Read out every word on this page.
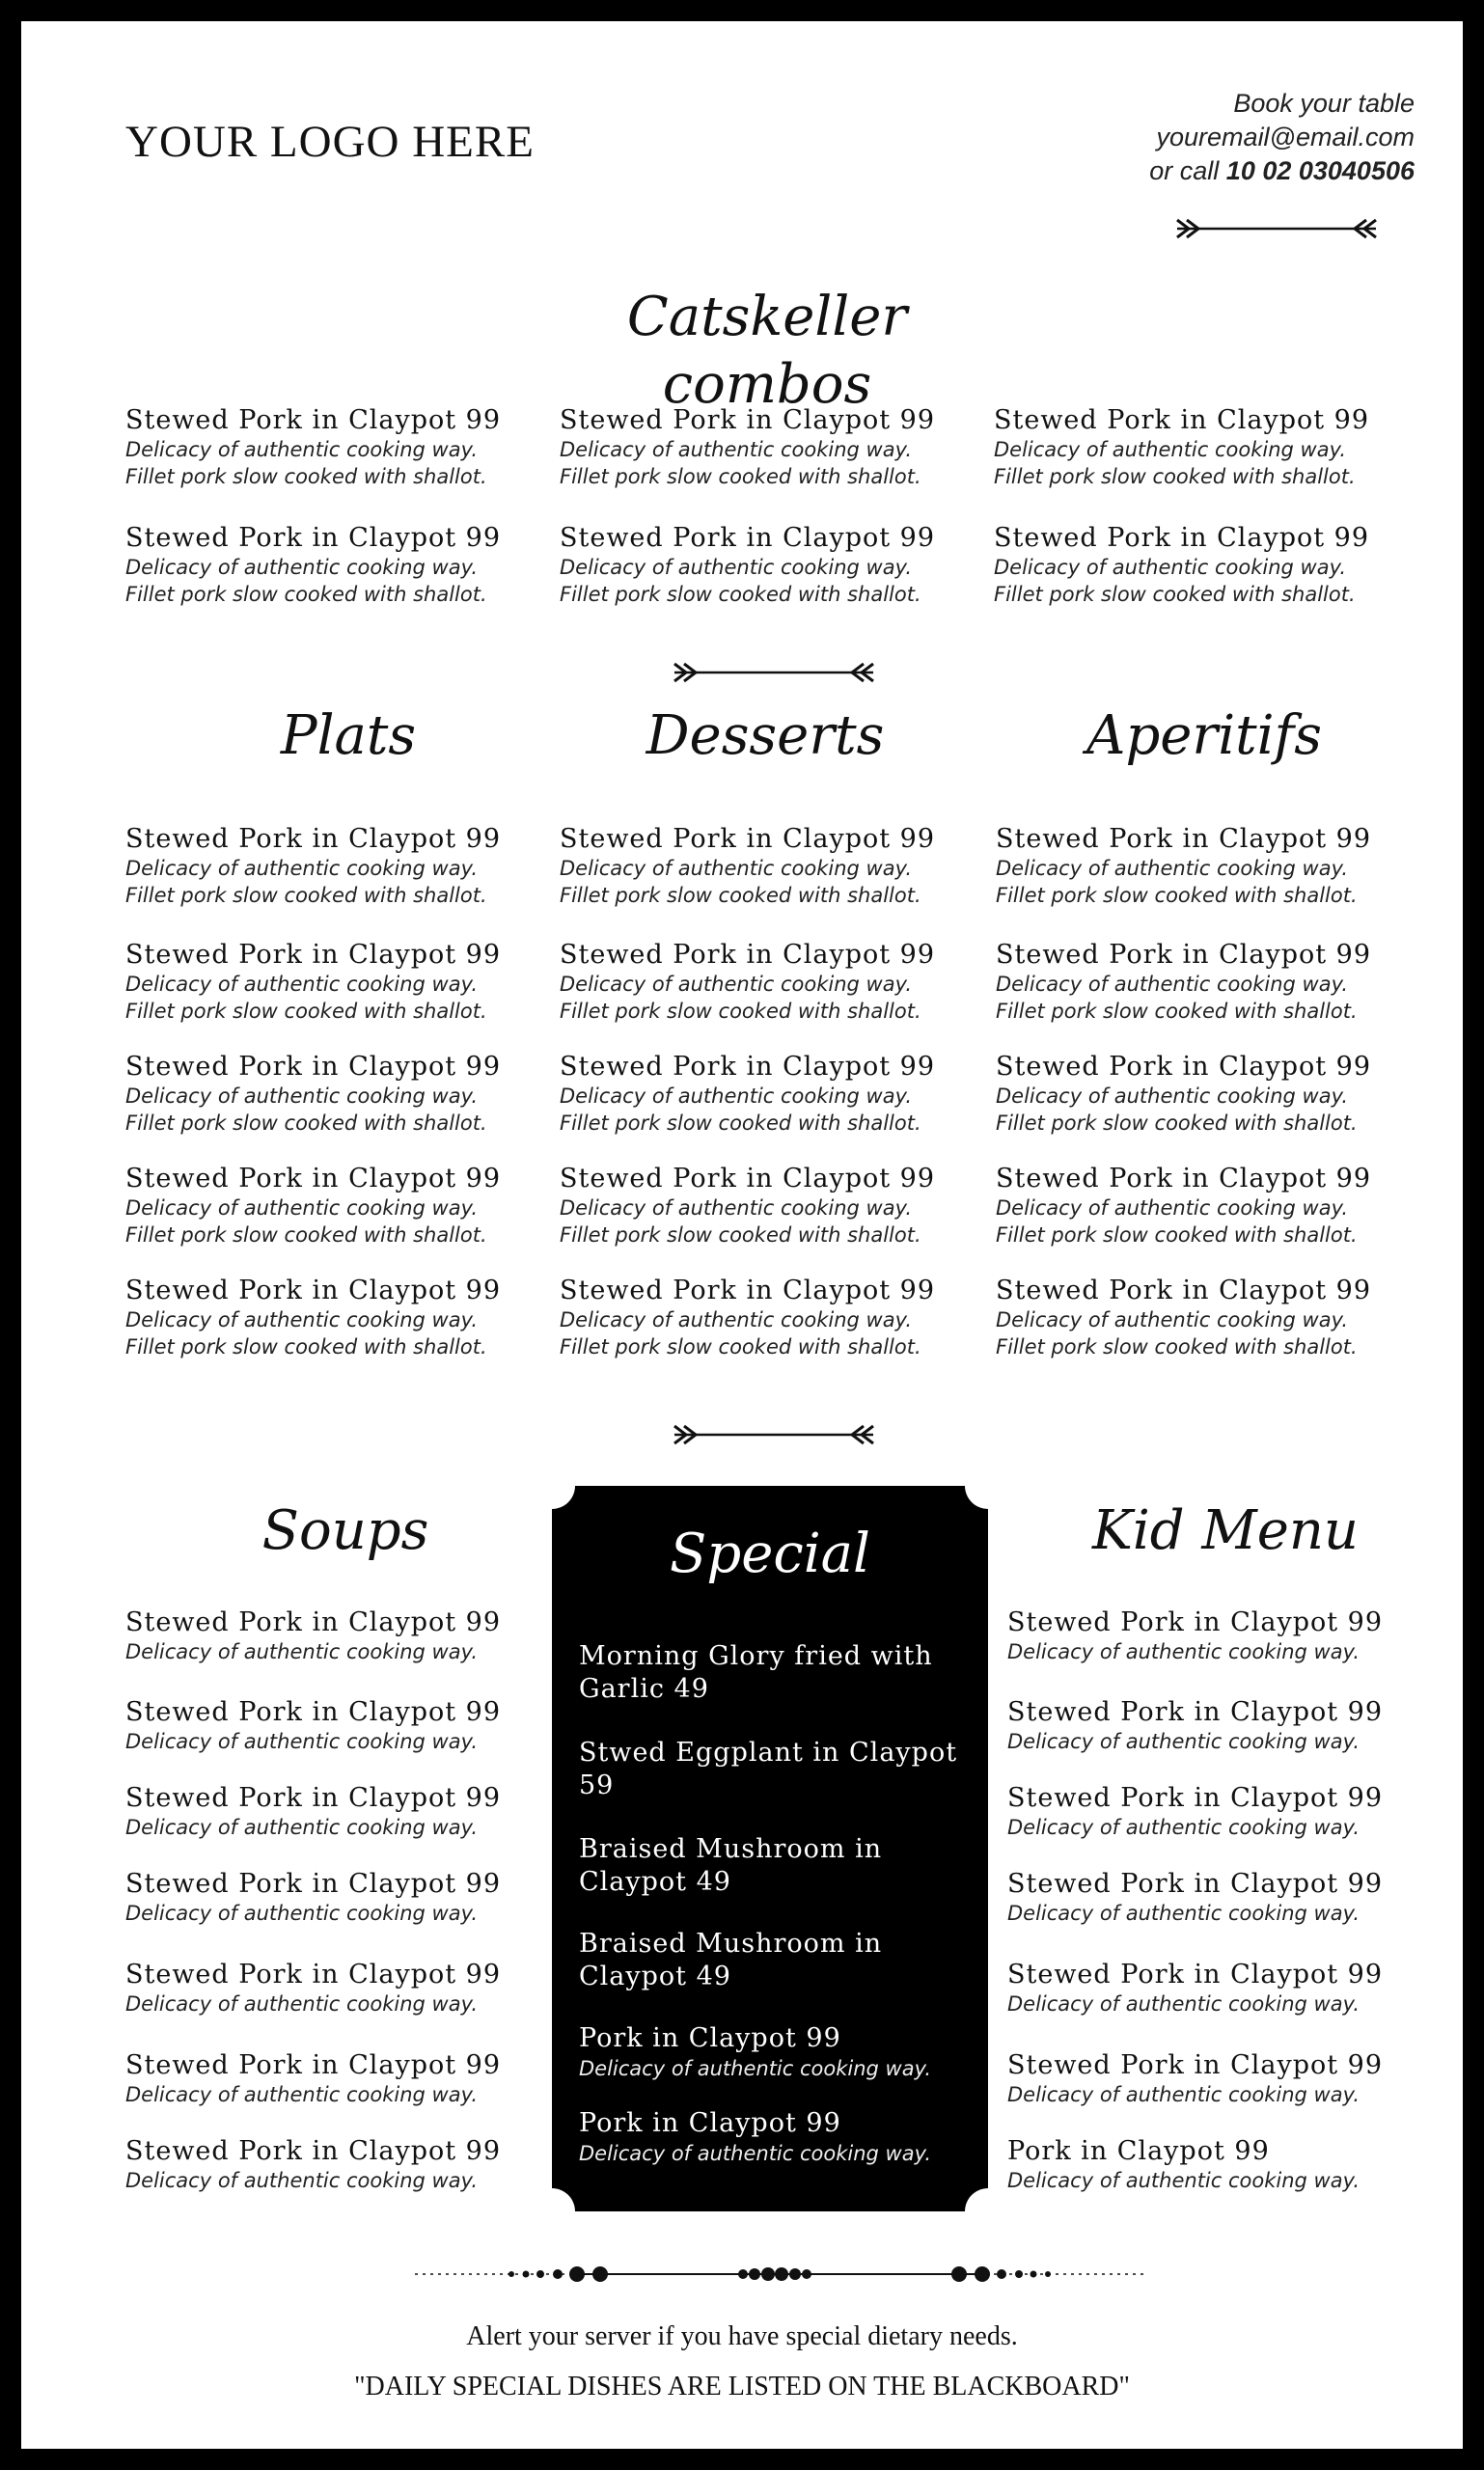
YOUR LOGO HERE
Book your table
youremail@email.com
or call 10 02 03040506
Catskeller combos
Stewed Pork in Claypot 99
Delicacy of authentic cooking way.
Fillet pork slow cooked with shallot.
Stewed Pork in Claypot 99
Delicacy of authentic cooking way.
Fillet pork slow cooked with shallot.
Stewed Pork in Claypot 99
Delicacy of authentic cooking way.
Fillet pork slow cooked with shallot.
Stewed Pork in Claypot 99
Delicacy of authentic cooking way.
Fillet pork slow cooked with shallot.
Stewed Pork in Claypot 99
Delicacy of authentic cooking way.
Fillet pork slow cooked with shallot.
Stewed Pork in Claypot 99
Delicacy of authentic cooking way.
Fillet pork slow cooked with shallot.
Plats	Desserts	Aperitifs
Stewed Pork in Claypot 99
Delicacy of authentic cooking way.
Fillet pork slow cooked with shallot.
Stewed Pork in Claypot 99
Delicacy of authentic cooking way.
Fillet pork slow cooked with shallot.
Stewed Pork in Claypot 99
Delicacy of authentic cooking way.
Fillet pork slow cooked with shallot.
Stewed Pork in Claypot 99
Delicacy of authentic cooking way.
Fillet pork slow cooked with shallot.
Stewed Pork in Claypot 99
Delicacy of authentic cooking way.
Fillet pork slow cooked with shallot.
Stewed Pork in Claypot 99
Delicacy of authentic cooking way.
Fillet pork slow cooked with shallot.
Stewed Pork in Claypot 99
Delicacy of authentic cooking way.
Fillet pork slow cooked with shallot.
Stewed Pork in Claypot 99
Delicacy of authentic cooking way.
Fillet pork slow cooked with shallot.
Stewed Pork in Claypot 99
Delicacy of authentic cooking way.
Fillet pork slow cooked with shallot.
Stewed Pork in Claypot 99
Delicacy of authentic cooking way.
Fillet pork slow cooked with shallot.
Stewed Pork in Claypot 99
Delicacy of authentic cooking way.
Fillet pork slow cooked with shallot.
Stewed Pork in Claypot 99
Delicacy of authentic cooking way.
Fillet pork slow cooked with shallot.
Stewed Pork in Claypot 99
Delicacy of authentic cooking way.
Fillet pork slow cooked with shallot.
Stewed Pork in Claypot 99
Delicacy of authentic cooking way.
Fillet pork slow cooked with shallot.
Stewed Pork in Claypot 99
Delicacy of authentic cooking way.
Fillet pork slow cooked with shallot.
Soups	Kid Menu
Stewed Pork in Claypot 99
Delicacy of authentic cooking way.
Stewed Pork in Claypot 99
Delicacy of authentic cooking way.
Stewed Pork in Claypot 99
Delicacy of authentic cooking way.
Stewed Pork in Claypot 99
Delicacy of authentic cooking way.
Stewed Pork in Claypot 99
Delicacy of authentic cooking way.
Stewed Pork in Claypot 99
Delicacy of authentic cooking way.
Stewed Pork in Claypot 99
Delicacy of authentic cooking way.
Stewed Pork in Claypot 99
Delicacy of authentic cooking way.
Stewed Pork in Claypot 99
Delicacy of authentic cooking way.
Stewed Pork in Claypot 99
Delicacy of authentic cooking way.
Stewed Pork in Claypot 99
Delicacy of authentic cooking way.
Stewed Pork in Claypot 99
Delicacy of authentic cooking way.
Stewed Pork in Claypot 99
Delicacy of authentic cooking way.
Pork in Claypot 99
Delicacy of authentic cooking way.
Special
Morning Glory fried with Garlic 49
Stwed Eggplant in Claypot 59
Braised Mushroom in Claypot 49
Braised Mushroom in Claypot 49
Pork in Claypot 99
Delicacy of authentic cooking way.
Pork in Claypot 99
Delicacy of authentic cooking way.
Alert your server if you have special dietary needs.
"DAILY SPECIAL DISHES ARE LISTED ON THE BLACKBOARD"
